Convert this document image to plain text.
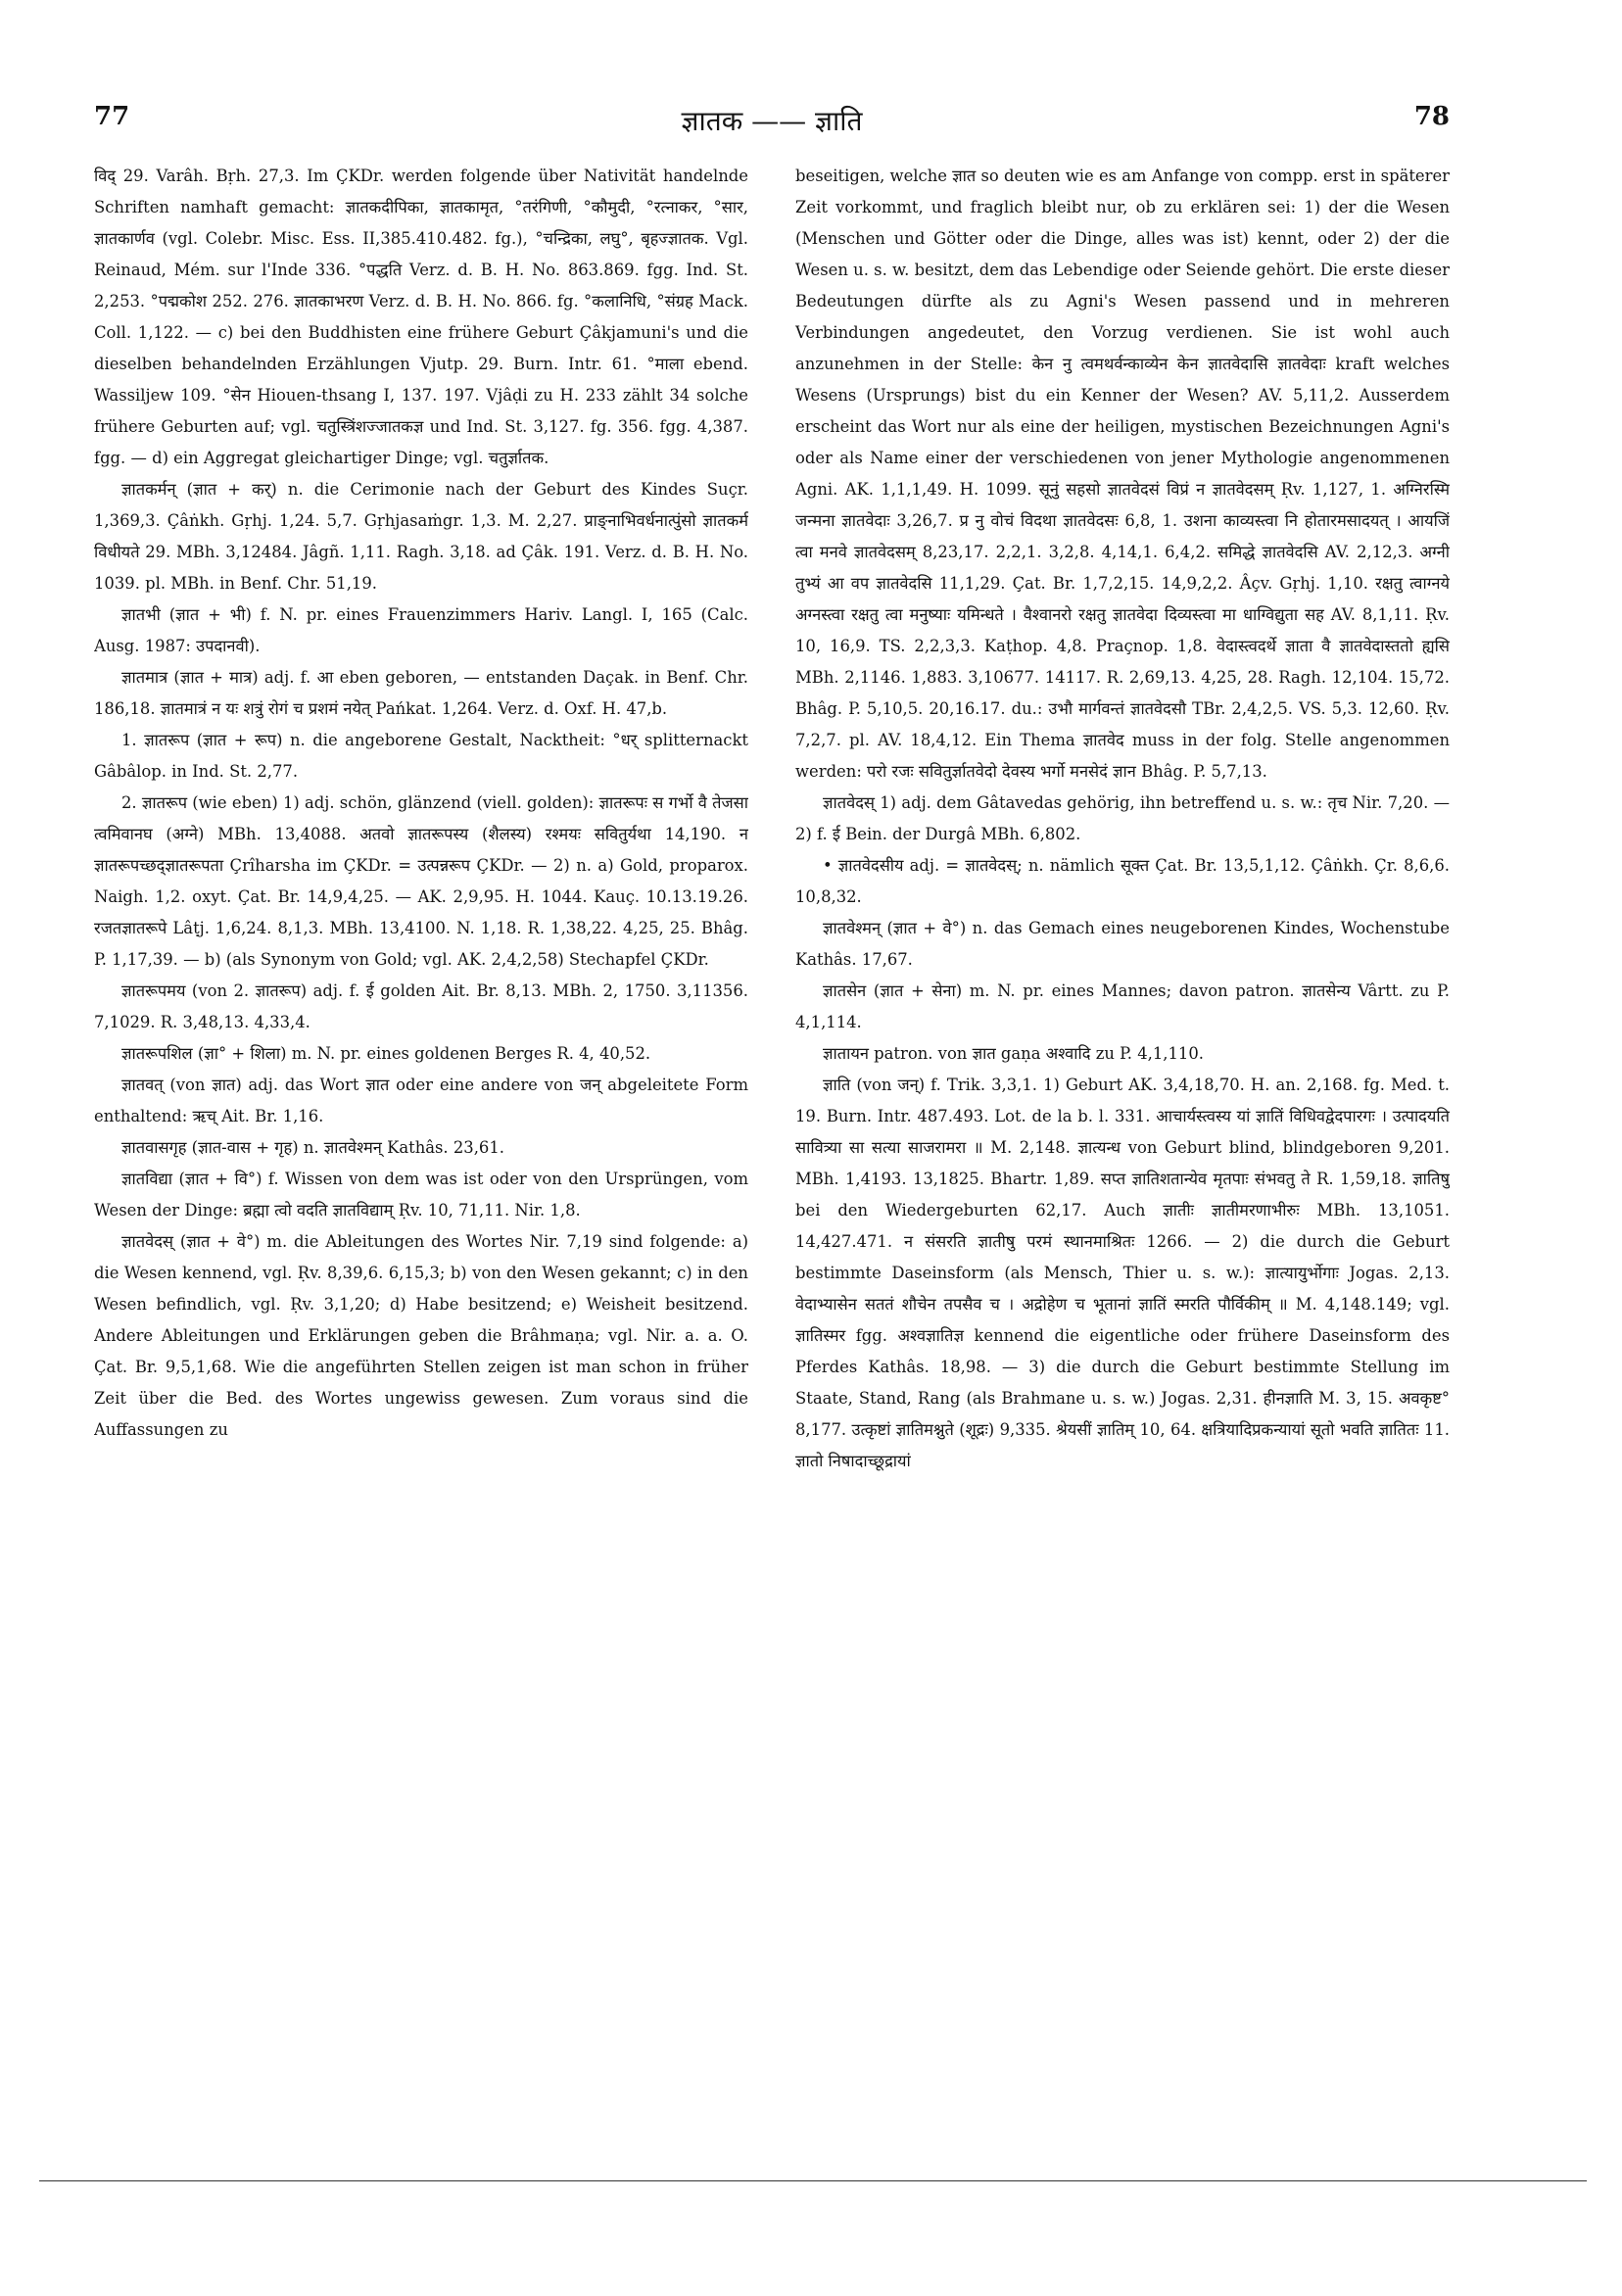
77	ज्ञातक —— ज्ञाति	78

विद् 29. Varâh. Bṛh. 27,3. Im ÇKDr. werden folgende über Nativität handelnde Schriften namhaft gemacht: ज्ञातकदीपिका, ज्ञातकामृत, °तरंगिणी, °कौमुदी, °रत्नाकर, °सार, ज्ञातकार्णव (vgl. Colebr. Misc. Ess. II,385.410.482. fg.), °चन्द्रिका, लघु°, बृहज्ज्ञातक. Vgl. Reinaud, Mém. sur l'Inde 336. °पद्धति Verz. d. B. H. No. 863.869. fgg. Ind. St. 2,253. °पद्मकोश 252. 276. ज्ञातकाभरण Verz. d. B. H. No. 866. fg. °कलानिधि, °संग्रह Mack. Coll. 1,122. — c) bei den Buddhisten eine frühere Geburt Çâkjamuni's und die dieselben behandelnden Erzählungen Vjutp. 29. Burn. Intr. 61. °माला ebend. Wassiljew 109. °सेन Hiouen-thsang I, 137. 197. Vjâḍi zu H. 233 zählt 34 solche frühere Geburten auf; vgl. चतुस्त्रिंशज्जातकज्ञ und Ind. St. 3,127. fg. 356. fgg. 4,387. fgg. — d) ein Aggregat gleichartiger Dinge; vgl. चतुर्ज्ञातक.

ज्ञातकर्मन् (ज्ञात + कर्) n. die Cerimonie nach der Geburt des Kindes Suçr. 1,369,3. Çâṅkh. Gṛhj. 1,24. 5,7. Gṛhjasaṁgr. 1,3. M. 2,27. प्राङ्नाभिवर्धनात्पुंसो ज्ञातकर्म विधीयते 29. MBh. 3,12484. Jâgñ. 1,11. Ragh. 3,18. ad Çâk. 191. Verz. d. B. H. No. 1039. pl. MBh. in Benf. Chr. 51,19.

ज्ञातभी (ज्ञात + भी) f. N. pr. eines Frauenzimmers Hariv. Langl. I, 165 (Calc. Ausg. 1987: उपदानवी).

ज्ञातमात्र (ज्ञात + मात्र) adj. f. आ eben geboren, — entstanden Daçak. in Benf. Chr. 186,18. ज्ञातमात्रं न यः शत्रुं रोगं च प्रशमं नयेत् Pańkat. 1,264. Verz. d. Oxf. H. 47,b.

1. ज्ञातरूप (ज्ञात + रूप) n. die angeborene Gestalt, Nacktheit: °धर् splitternackt Gâbâlop. in Ind. St. 2,77.

2. ज्ञातरूप (wie eben) 1) adj. schön, glänzend (viell. golden): ज्ञातरूपः स गर्भो वै तेजसा त्वमिवानघ (अग्ने) MBh. 13,4088. अतवो ज्ञातरूपस्य (शैलस्य) रश्मयः सवितुर्यथा 14,190. न ज्ञातरूपच्छद्ज्ञातरूपता Çrîharsha im ÇKDr. = उत्पन्नरूप ÇKDr. — 2) n. a) Gold, proparox. Naigh. 1,2. oxyt. Çat. Br. 14,9,4,25. — AK. 2,9,95. H. 1044. Kauç. 10.13.19.26. रजतज्ञातरूपे Lâṭj. 1,6,24. 8,1,3. MBh. 13,4100. N. 1,18. R. 1,38,22. 4,25, 25. Bhâg. P. 1,17,39. — b) (als Synonym von Gold; vgl. AK. 2,4,2,58) Stechapfel ÇKDr.

ज्ञातरूपमय (von 2. ज्ञातरूप) adj. f. ई golden Ait. Br. 8,13. MBh. 2, 1750. 3,11356. 7,1029. R. 3,48,13. 4,33,4.

ज्ञातरूपशिल (ज्ञा° + शिला) m. N. pr. eines goldenen Berges R. 4, 40,52.

ज्ञातवत् (von ज्ञात) adj. das Wort ज्ञात oder eine andere von जन् abgeleitete Form enthaltend: ऋच् Ait. Br. 1,16.

ज्ञातवासगृह (ज्ञात-वास + गृह) n. ज्ञातवेश्मन् Kathâs. 23,61.

ज्ञातविद्या (ज्ञात + वि°) f. Wissen von dem was ist oder von den Ursprüngen, vom Wesen der Dinge: ब्रह्मा त्वो वदति ज्ञातविद्याम् Ṛv. 10, 71,11. Nir. 1,8.

ज्ञातवेदस् (ज्ञात + वे°) m. die Ableitungen des Wortes Nir. 7,19 sind folgende: a) die Wesen kennend, vgl. Ṛv. 8,39,6. 6,15,3; b) von den Wesen gekannt; c) in den Wesen befindlich, vgl. Ṛv. 3,1,20; d) Habe besitzend; e) Weisheit besitzend. Andere Ableitungen und Erklärungen geben die Brâhmaṇa; vgl. Nir. a. a. O. Çat. Br. 9,5,1,68. Wie die angeführten Stellen zeigen ist man schon in früher Zeit über die Bed. des Wortes ungewiss gewesen. Zum voraus sind die Auffassungen zu

beseitigen, welche ज्ञात so deuten wie es am Anfange von compp. erst in späterer Zeit vorkommt, und fraglich bleibt nur, ob zu erklären sei: 1) der die Wesen (Menschen und Götter oder die Dinge, alles was ist) kennt, oder 2) der die Wesen u. s. w. besitzt, dem das Lebendige oder Seiende gehört. Die erste dieser Bedeutungen dürfte als zu Agni's Wesen passend und in mehreren Verbindungen angedeutet, den Vorzug verdienen. Sie ist wohl auch anzunehmen in der Stelle: केन नु त्वमथर्वन्काव्येन केन ज्ञातवेदासि ज्ञातवेदाः kraft welches Wesens (Ursprungs) bist du ein Kenner der Wesen? AV. 5,11,2. Ausserdem erscheint das Wort nur als eine der heiligen, mystischen Bezeichnungen Agni's oder als Name einer der verschiedenen von jener Mythologie angenommenen Agni. AK. 1,1,1,49. H. 1099. सूनुं सहसो ज्ञातवेदसं विप्रं न ज्ञातवेदसम् Ṛv. 1,127, 1. अग्निरस्मि जन्मना ज्ञातवेदाः 3,26,7. प्र नु वोचं विदथा ज्ञातवेदसः 6,8, 1. उशना काव्यस्त्वा नि होतारमसादयत् । आयजिं त्वा मनवे ज्ञातवेदसम् 8,23,17. 2,2,1. 3,2,8. 4,14,1. 6,4,2. समिद्धे ज्ञातवेदसि AV. 2,12,3. अग्नी तुभ्यं आ वप ज्ञातवेदसि 11,1,29. Çat. Br. 1,7,2,15. 14,9,2,2. Âçv. Gṛhj. 1,10. रक्षतु त्वाग्नये अग्नस्त्वा रक्षतु त्वा मनुष्याः यमिन्धते । वैश्वानरो रक्षतु ज्ञातवेदा दिव्यस्त्वा मा धाग्विद्युता सह AV. 8,1,11. Ṛv. 10, 16,9. TS. 2,2,3,3. Kaṭhop. 4,8. Praçnop. 1,8. वेदास्त्वदर्थे ज्ञाता वै ज्ञातवेदास्ततो ह्यसि MBh. 2,1146. 1,883. 3,10677. 14117. R. 2,69,13. 4,25, 28. Ragh. 12,104. 15,72. Bhâg. P. 5,10,5. 20,16.17. du.: उभौ मार्गवन्तं ज्ञातवेदसौ TBr. 2,4,2,5. VS. 5,3. 12,60. Ṛv. 7,2,7. pl. AV. 18,4,12. Ein Thema ज्ञातवेद muss in der folg. Stelle angenommen werden: परो रजः सवितुर्ज्ञातवेदो देवस्य भर्गो मनसेदं ज्ञान Bhâg. P. 5,7,13.

ज्ञातवेदस् 1) adj. dem Gâtavedas gehörig, ihn betreffend u. s. w.: तृच Nir. 7,20. — 2) f. ई Bein. der Durgâ MBh. 6,802.

• ज्ञातवेदसीय adj. = ज्ञातवेदस्; n. nämlich सूक्त Çat. Br. 13,5,1,12. Çâṅkh. Çr. 8,6,6. 10,8,32.

ज्ञातवेश्मन् (ज्ञात + वे°) n. das Gemach eines neugeborenen Kindes, Wochenstube Kathâs. 17,67.

ज्ञातसेन (ज्ञात + सेना) m. N. pr. eines Mannes; davon patron. ज्ञातसेन्य Vârtt. zu P. 4,1,114.

ज्ञातायन patron. von ज्ञात gaṇa अश्वादि zu P. 4,1,110.

ज्ञाति (von जन्) f. Trik. 3,3,1. 1) Geburt AK. 3,4,18,70. H. an. 2,168. fg. Med. t. 19. Burn. Intr. 487.493. Lot. de la b. l. 331. आचार्यस्त्वस्य यां ज्ञातिं विधिवद्वेदपारगः । उत्पादयति सावित्र्या सा सत्या साजरामरा ॥ M. 2,148. ज्ञात्यन्ध von Geburt blind, blindgeboren 9,201. MBh. 1,4193. 13,1825. Bhartr. 1,89. सप्त ज्ञातिशतान्येव मृतपाः संभवतु ते R. 1,59,18. ज्ञातिषु bei den Wiedergeburten 62,17. Auch ज्ञातीः ज्ञातीमरणाभीरुः MBh. 13,1051. 14,427.471. न संसरति ज्ञातीषु परमं स्थानमाश्रितः 1266. — 2) die durch die Geburt bestimmte Daseinsform (als Mensch, Thier u. s. w.): ज्ञात्यायुर्भोगाः Jogas. 2,13. वेदाभ्यासेन सततं शौचेन तपसैव च । अद्रोहेण च भूतानां ज्ञातिं स्मरति पौर्विकीम् ॥ M. 4,148.149; vgl. ज्ञातिस्मर fgg. अश्वज्ञातिज्ञ kennend die eigentliche oder frühere Daseinsform des Pferdes Kathâs. 18,98. — 3) die durch die Geburt bestimmte Stellung im Staate, Stand, Rang (als Brahmane u. s. w.) Jogas. 2,31. हीनज्ञाति M. 3, 15. अवकृष्ट° 8,177. उत्कृष्टां ज्ञातिमश्नुते (शूद्रः) 9,335. श्रेयसीं ज्ञातिम् 10, 64. क्षत्रियादिप्रकन्यायां सूतो भवति ज्ञातितः 11. ज्ञातो निषादाच्छूद्रायां
